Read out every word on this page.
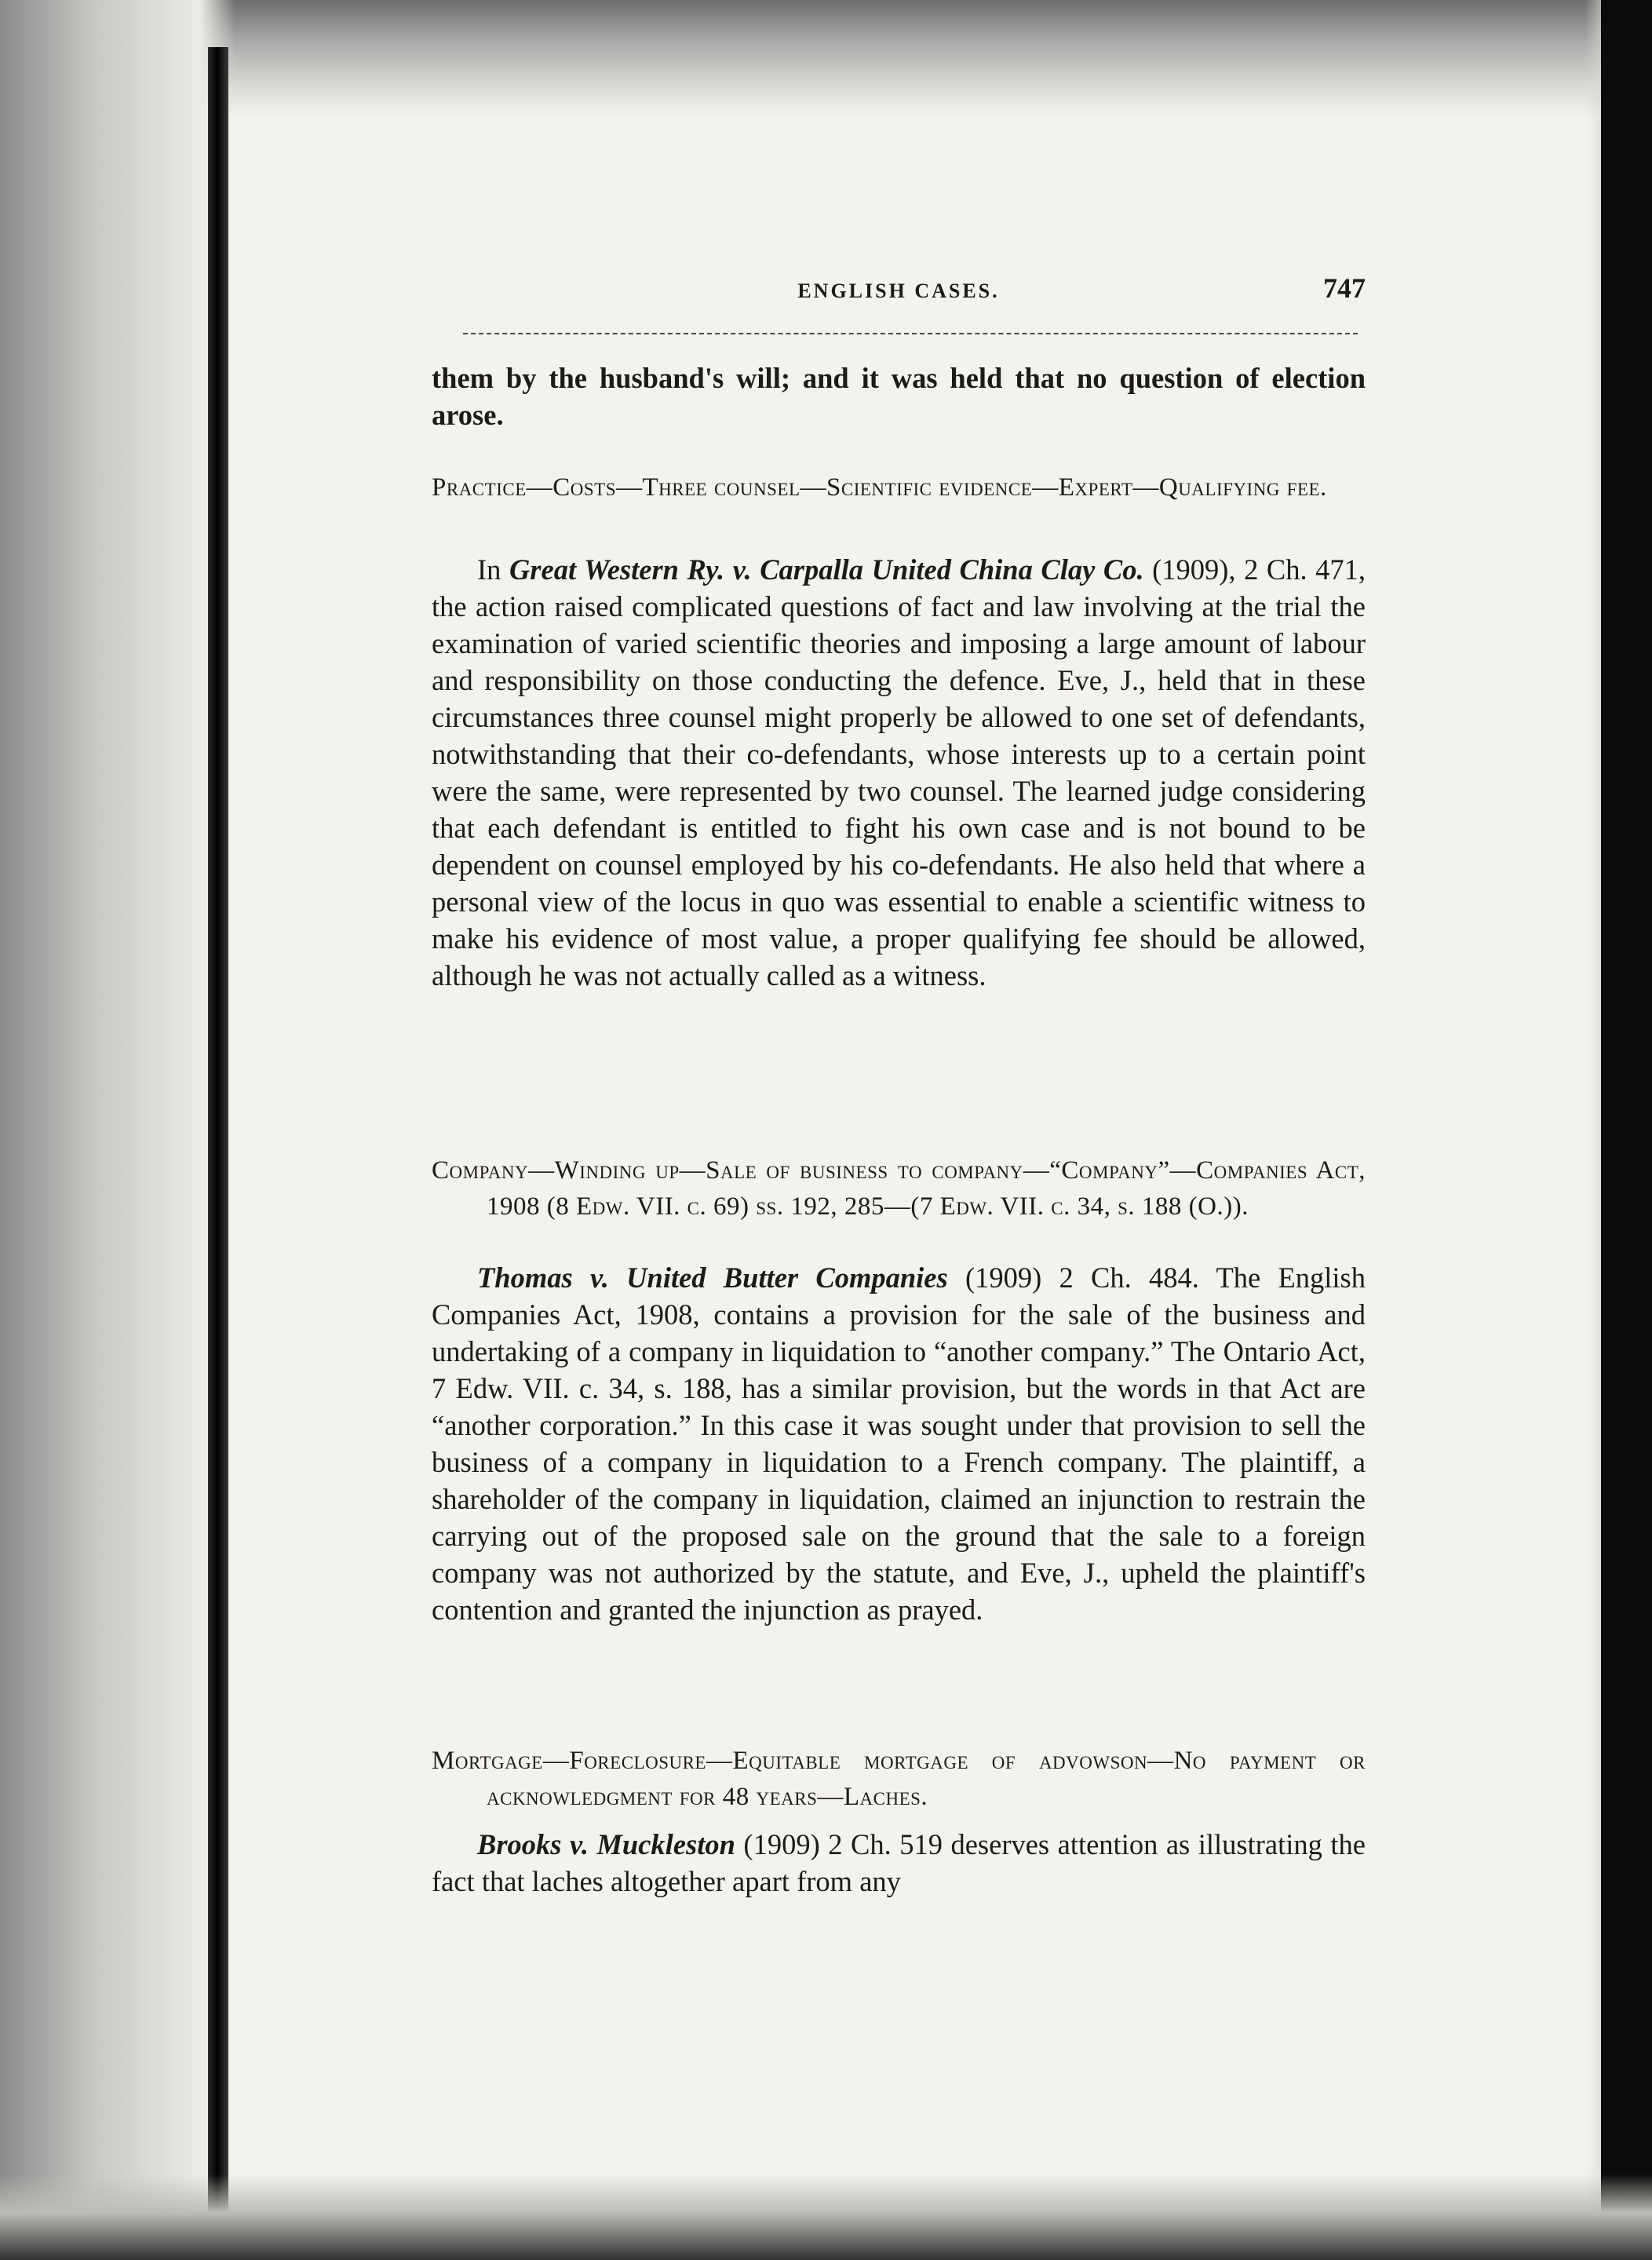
ENGLISH CASES.	747

them by the husband's will; and it was held that no question of election arose.

Practice—Costs—Three counsel—Scientific evidence—Expert—Qualifying fee.

In Great Western Ry. v. Carpalla United China Clay Co. (1909), 2 Ch. 471, the action raised complicated questions of fact and law involving at the trial the examination of varied scientific theories and imposing a large amount of labour and responsibility on those conducting the defence. Eve, J., held that in these circumstances three counsel might properly be allowed to one set of defendants, notwithstanding that their co-defendants, whose interests up to a certain point were the same, were represented by two counsel. The learned judge considering that each defendant is entitled to fight his own case and is not bound to be dependent on counsel employed by his co-defendants. He also held that where a personal view of the locus in quo was essential to enable a scientific witness to make his evidence of most value, a proper qualifying fee should be allowed, although he was not actually called as a witness.

Company—Winding up—Sale of business to company—“Company”—Companies Act, 1908 (8 Edw. VII. c. 69) ss. 192, 285—(7 Edw. VII. c. 34, s. 188 (O.)).

Thomas v. United Butter Companies (1909) 2 Ch. 484. The English Companies Act, 1908, contains a provision for the sale of the business and undertaking of a company in liquidation to “another company.” The Ontario Act, 7 Edw. VII. c. 34, s. 188, has a similar provision, but the words in that Act are “another corporation.” In this case it was sought under that provision to sell the business of a company in liquidation to a French company. The plaintiff, a shareholder of the company in liquidation, claimed an injunction to restrain the carrying out of the proposed sale on the ground that the sale to a foreign company was not authorized by the statute, and Eve, J., upheld the plaintiff's contention and granted the injunction as prayed.

Mortgage—Foreclosure—Equitable mortgage of advowson—No payment or acknowledgment for 48 years—Laches.

Brooks v. Muckleston (1909) 2 Ch. 519 deserves attention as illustrating the fact that laches altogether apart from any
